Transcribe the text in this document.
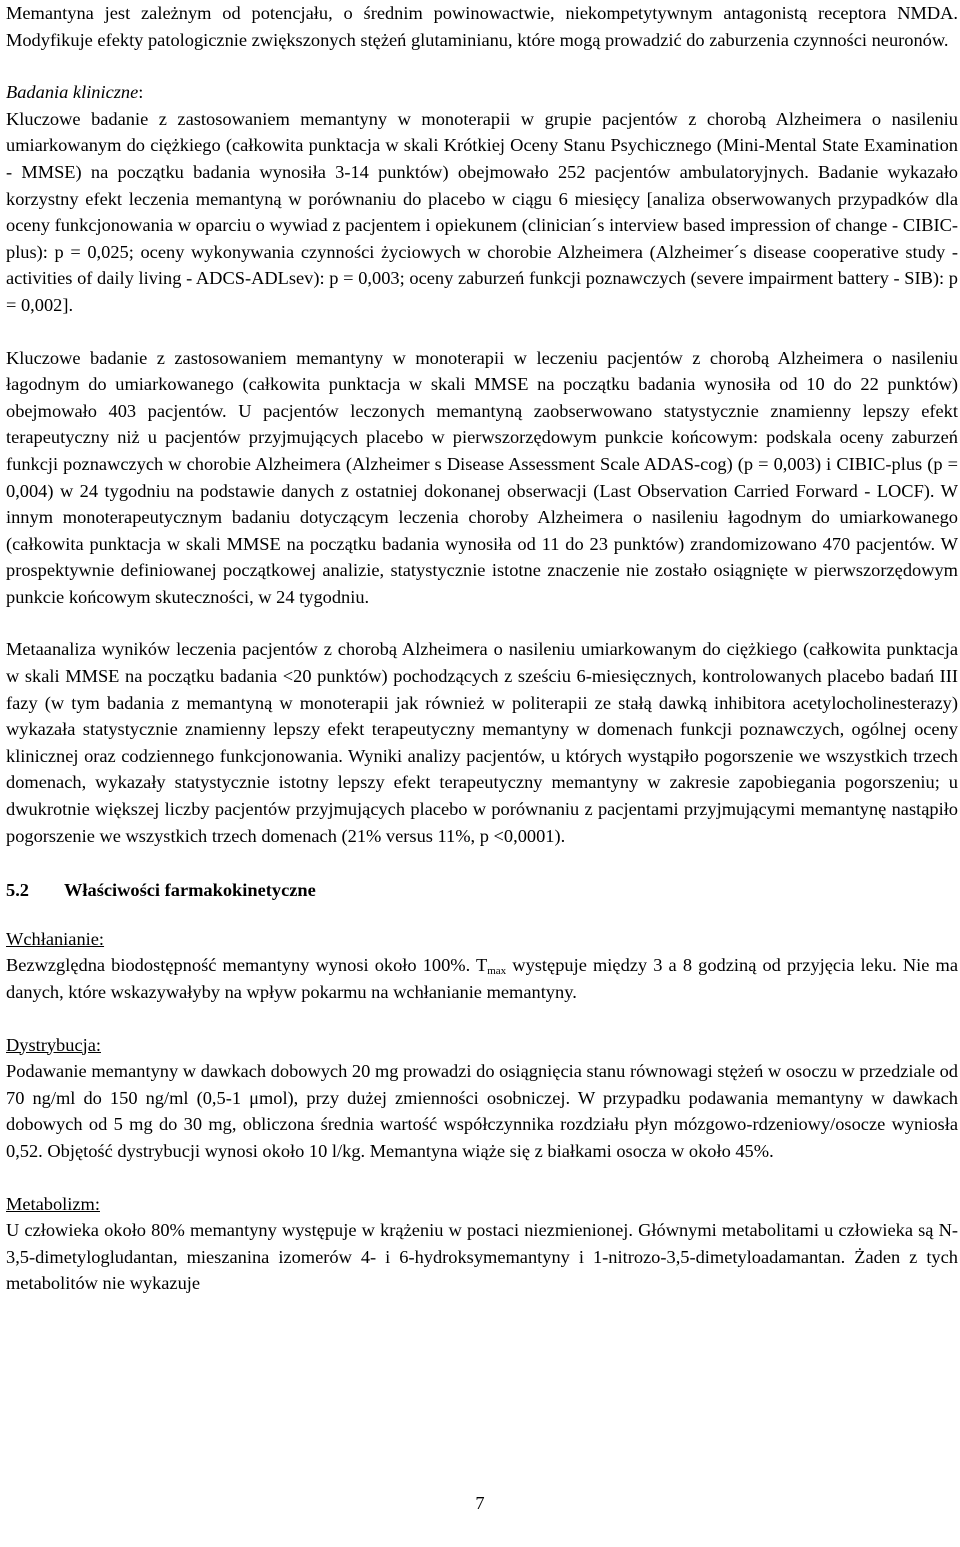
Memantyna jest zależnym od potencjału, o średnim powinowactwie, niekompetytywnym antagonistą receptora NMDA. Modyfikuje efekty patologicznie zwiększonych stężeń glutaminianu, które mogą prowadzić do zaburzenia czynności neuronów.

Badania kliniczne:

Kluczowe badanie z zastosowaniem memantyny w monoterapii w grupie pacjentów z chorobą Alzheimera o nasileniu umiarkowanym do ciężkiego (całkowita punktacja w skali Krótkiej Oceny Stanu Psychicznego (Mini-Mental State Examination - MMSE) na początku badania wynosiła 3-14 punktów) obejmowało 252 pacjentów ambulatoryjnych. Badanie wykazało korzystny efekt leczenia memantyną w porównaniu do placebo w ciągu 6 miesięcy [analiza obserwowanych przypadków dla oceny funkcjonowania w oparciu o wywiad z pacjentem i opiekunem (clinician´s interview based impression of change - CIBIC- plus): p = 0,025; oceny wykonywania czynności życiowych w chorobie Alzheimera (Alzheimer´s disease cooperative study - activities of daily living - ADCS-ADLsev): p = 0,003; oceny zaburzeń funkcji poznawczych (severe impairment battery - SIB): p = 0,002].

Kluczowe badanie z zastosowaniem memantyny w monoterapii w leczeniu pacjentów z chorobą Alzheimera o nasileniu łagodnym do umiarkowanego (całkowita punktacja w skali MMSE na początku badania wynosiła od 10 do 22 punktów) obejmowało 403 pacjentów. U pacjentów leczonych memantyną zaobserwowano statystycznie znamienny lepszy efekt terapeutyczny niż u pacjentów przyjmujących placebo w pierwszorzędowym punkcie końcowym: podskala oceny zaburzeń funkcji poznawczych w chorobie Alzheimera (Alzheimer s Disease Assessment Scale ADAS-cog) (p = 0,003) i CIBIC-plus (p = 0,004) w 24 tygodniu na podstawie danych z ostatniej dokonanej obserwacji (Last Observation Carried Forward - LOCF). W innym monoterapeutycznym badaniu dotyczącym leczenia choroby Alzheimera o nasileniu łagodnym do umiarkowanego (całkowita punktacja w skali MMSE na początku badania wynosiła od 11 do 23 punktów) zrandomizowano 470 pacjentów. W prospektywnie definiowanej początkowej analizie, statystycznie istotne znaczenie nie zostało osiągnięte w pierwszorzędowym punkcie końcowym skuteczności, w 24 tygodniu.

Metaanaliza wyników leczenia pacjentów z chorobą Alzheimera o nasileniu umiarkowanym do ciężkiego (całkowita punktacja w skali MMSE na początku badania <20 punktów) pochodzących z sześciu 6-miesięcznych, kontrolowanych placebo badań III fazy (w tym badania z memantyną w monoterapii jak również w politerapii ze stałą dawką inhibitora acetylocholinesterazy) wykazała statystycznie znamienny lepszy efekt terapeutyczny memantyny w domenach funkcji poznawczych, ogólnej oceny klinicznej oraz codziennego funkcjonowania. Wyniki analizy pacjentów, u których wystąpiło pogorszenie we wszystkich trzech domenach, wykazały statystycznie istotny lepszy efekt terapeutyczny memantyny w zakresie zapobiegania pogorszeniu; u dwukrotnie większej liczby pacjentów przyjmujących placebo w porównaniu z pacjentami przyjmującymi memantynę nastąpiło pogorszenie we wszystkich trzech domenach (21% versus 11%, p <0,0001).

5.2 Właściwości farmakokinetyczne

Wchłanianie:

Bezwzględna biodostępność memantyny wynosi około 100%. $T_{max}$ występuje między 3 a 8 godziną od przyjęcia leku. Nie ma danych, które wskazywałyby na wpływ pokarmu na wchłanianie memantyny.

Dystrybucja:

Podawanie memantyny w dawkach dobowych 20 mg prowadzi do osiągnięcia stanu równowagi stężeń w osoczu w przedziale od 70 ng/ml do 150 ng/ml (0,5-1 μmol), przy dużej zmienności osobniczej. W przypadku podawania memantyny w dawkach dobowych od 5 mg do 30 mg, obliczona średnia wartość współczynnika rozdziału płyn mózgowo-rdzeniowy/osocze wyniosła 0,52. Objętość dystrybucji wynosi około 10 l/kg. Memantyna wiąże się z białkami osocza w około 45%.

Metabolizm:

U człowieka około 80% memantyny występuje w krążeniu w postaci niezmienionej. Głównymi metabolitami u człowieka są N-3,5-dimetylogludantan, mieszanina izomerów 4- i 6-hydroksymemantyny i 1-nitrozo-3,5-dimetyloadamantan. Żaden z tych metabolitów nie wykazuje

7
